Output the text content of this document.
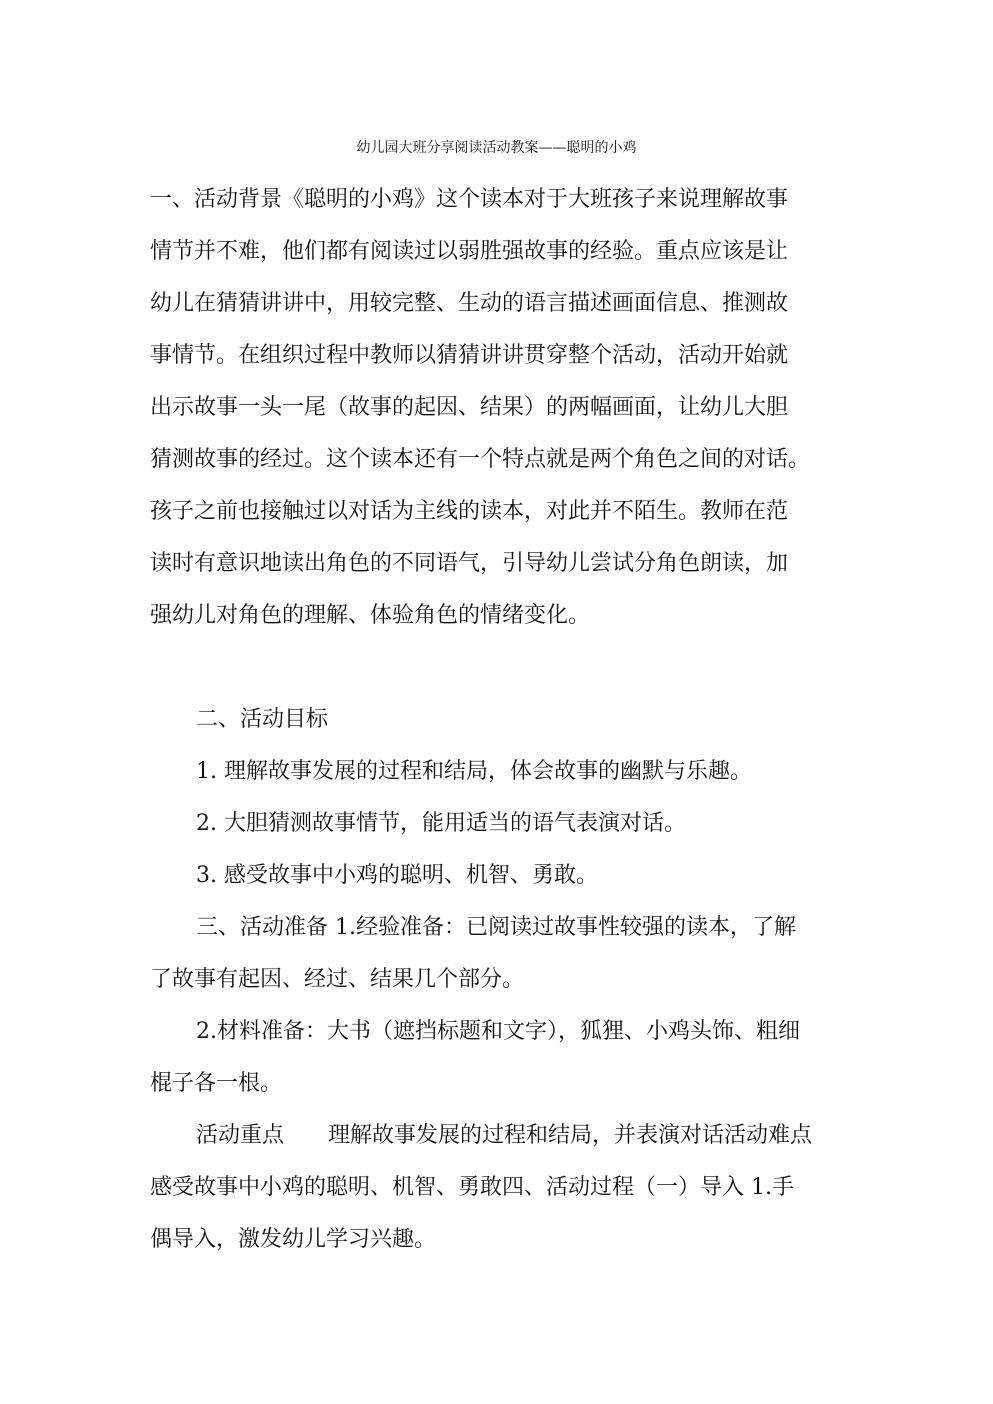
幼儿园大班分享阅读活动教案——聪明的小鸡
一、活动背景《聪明的小鸡》这个读本对于大班孩子来说理解故事
情节并不难，他们都有阅读过以弱胜强故事的经验。重点应该是让
幼儿在猜猜讲讲中，用较完整、生动的语言描述画面信息、推测故
事情节。在组织过程中教师以猜猜讲讲贯穿整个活动，活动开始就
出示故事一头一尾（故事的起因、结果）的两幅画面，让幼儿大胆
猜测故事的经过。这个读本还有一个特点就是两个角色之间的对话。
孩子之前也接触过以对话为主线的读本，对此并不陌生。教师在范
读时有意识地读出角色的不同语气，引导幼儿尝试分角色朗读，加
强幼儿对角色的理解、体验角色的情绪变化。
二、活动目标
1. 理解故事发展的过程和结局，体会故事的幽默与乐趣。
2. 大胆猜测故事情节，能用适当的语气表演对话。
3. 感受故事中小鸡的聪明、机智、勇敢。
三、活动准备 1.经验准备：已阅读过故事性较强的读本，了解
了故事有起因、经过、结果几个部分。
2.材料准备：大书（遮挡标题和文字），狐狸、小鸡头饰、粗细
棍子各一根。
活动重点　　理解故事发展的过程和结局，并表演对话活动难点
感受故事中小鸡的聪明、机智、勇敢四、活动过程（一）导入 1.手
偶导入，激发幼儿学习兴趣。
